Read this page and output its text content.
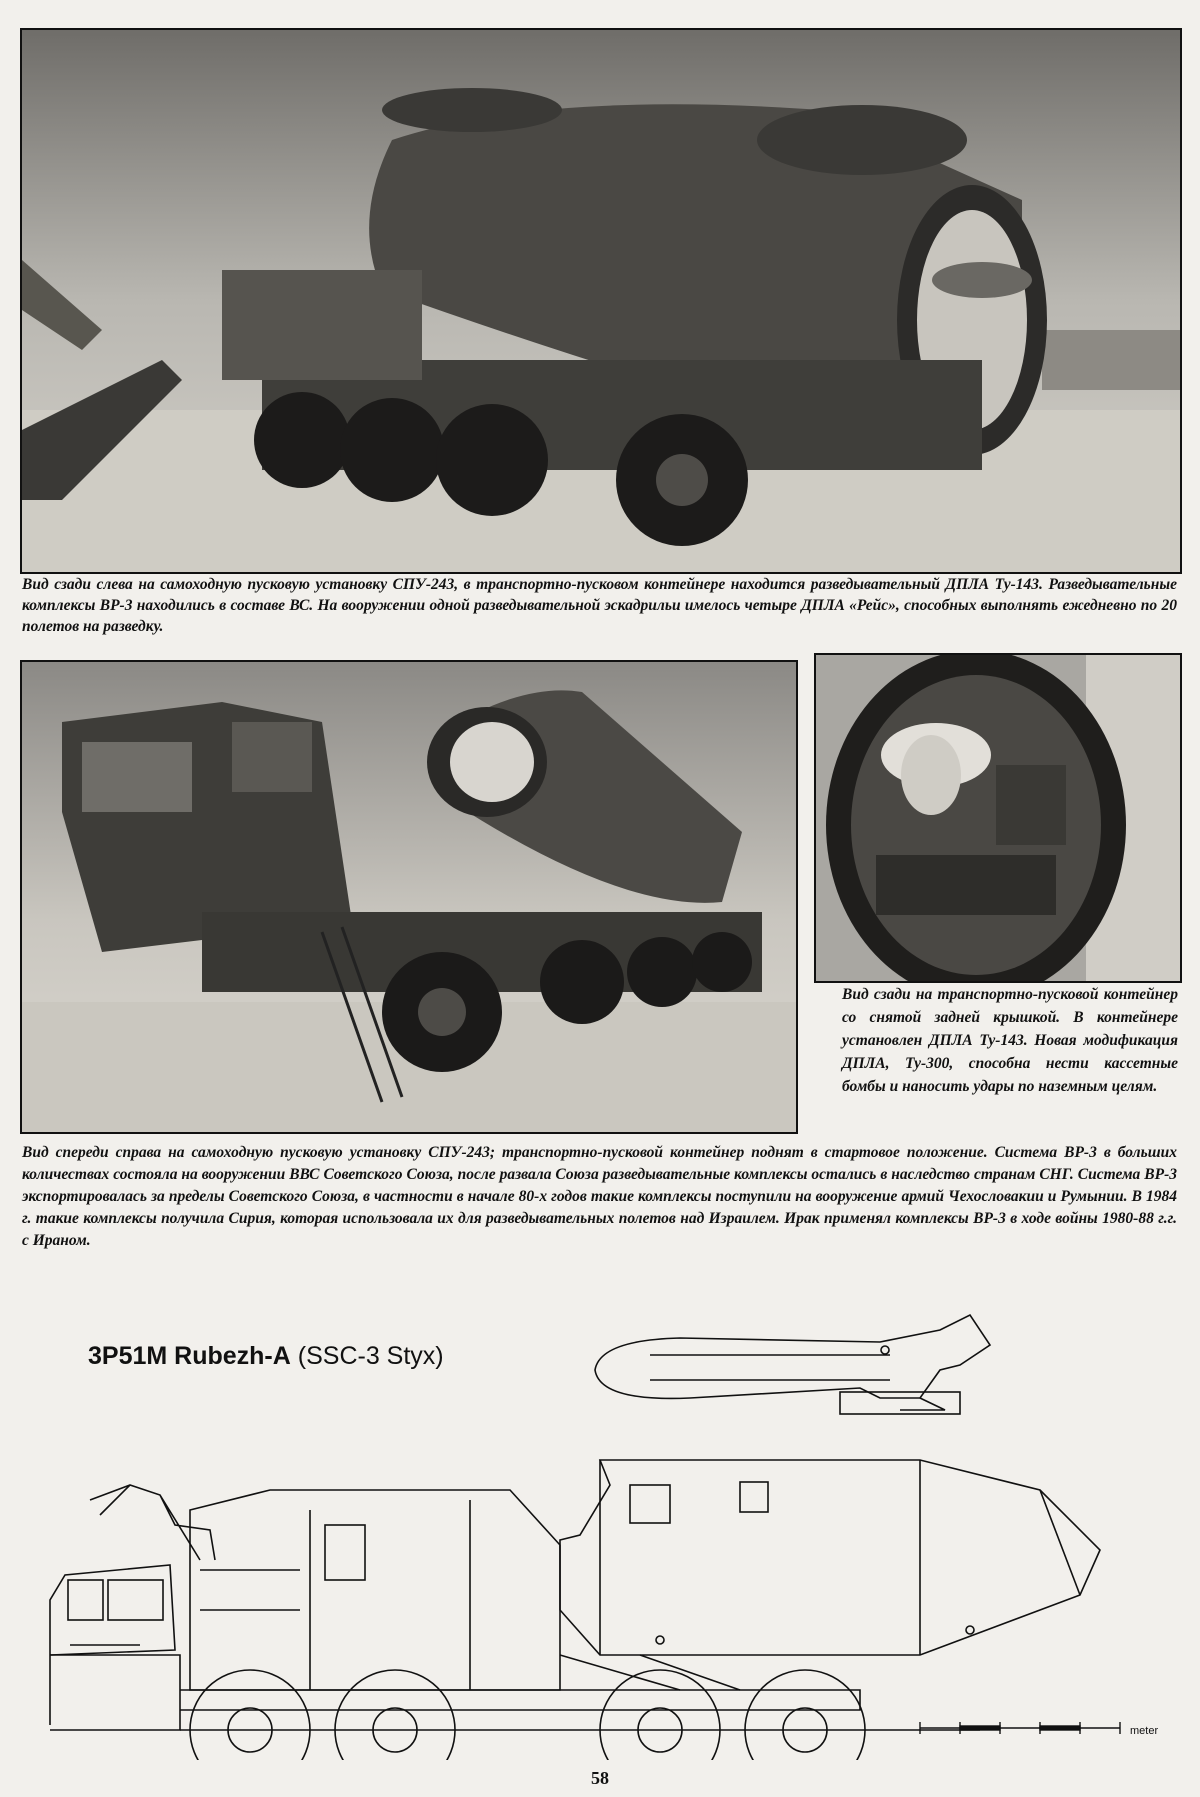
Вид сзади слева на самоходную пусковую установку СПУ-243, в транспортно-пусковом контейнере находится разведывательный ДПЛА Ту-143. Разведывательные комплексы ВР-3 находились в составе ВС. На вооружении одной разведывательной эскадрильи имелось четыре ДПЛА «Рейс», способных выполнять ежедневно по 20 полетов на разведку.

Вид сзади на транспортно-пусковой контейнер со снятой задней крышкой. В контейнере установлен ДПЛА Ту-143. Новая модификация ДПЛА, Ту-300, способна нести кассетные бомбы и наносить удары по наземным целям.

Вид спереди справа на самоходную пусковую установку СПУ-243; транспортно-пусковой контейнер поднят в стартовое положение. Система ВР-3 в больших количествах состояла на вооружении ВВС Советского Союза, после развала Союза разведывательные комплексы остались в наследство странам СНГ. Система ВР-3 экспортировалась за пределы Советского Союза, в частности в начале 80-х годов такие комплексы поступили на вооружение армий Чехословакии и Румынии. В 1984 г. такие комплексы получила Сирия, которая использовала их для разведывательных полетов над Израилем. Ирак применял комплексы ВР-3 в ходе войны 1980-88 г.г. с Ираном.

3P51M Rubezh-A (SSC-3 Styx)

meter
58
